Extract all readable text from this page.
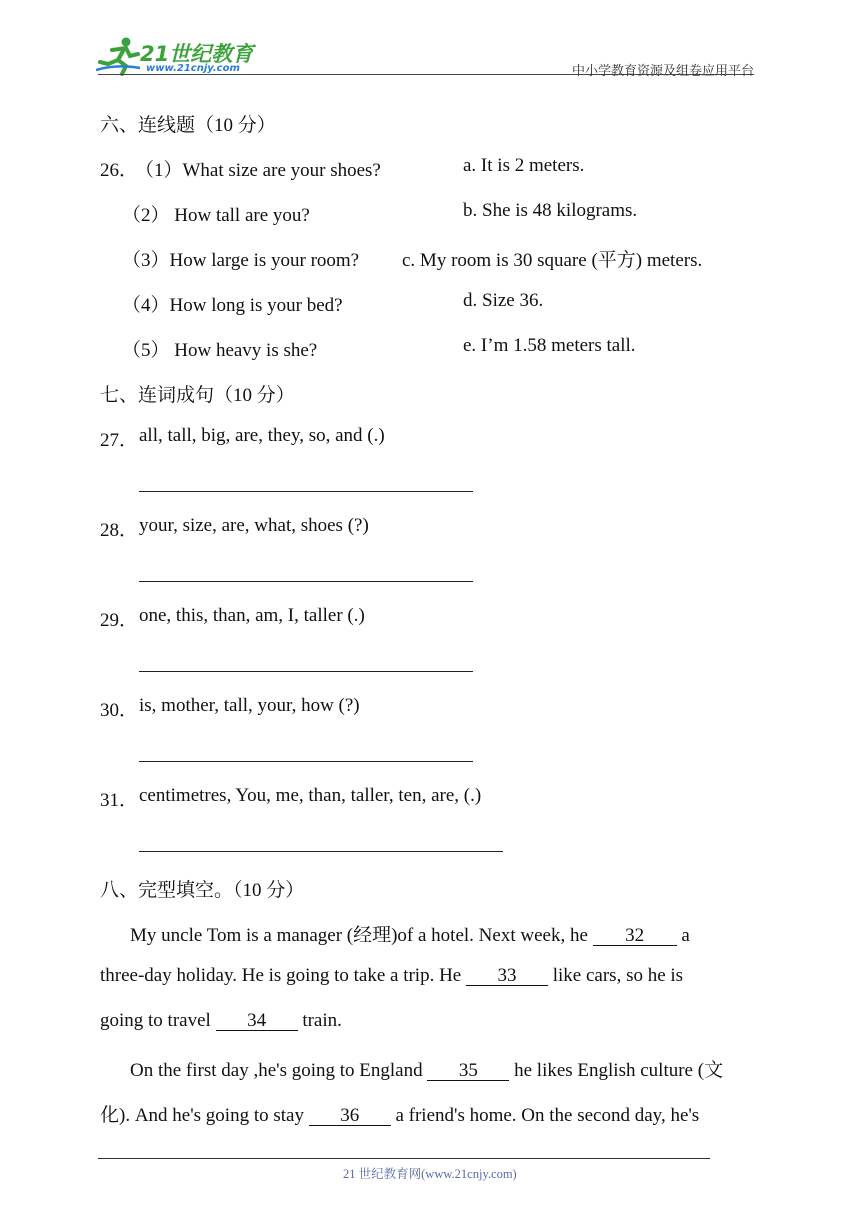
21世纪教育
www.21cnjy.com	中小学教育资源及组卷应用平台
六、连线题（10 分）
26．
（1）What size are your shoes?
（2） How tall are you?
（3）How large is your room?
（4）How long is your bed?
（5） How heavy is she?
a. It is 2 meters.
b. She is 48 kilograms.
c. My room is 30 square (平方) meters.
d. Size 36.
e. I’m 1.58 meters tall.
七、连词成句（10 分）
27． all, tall, big, are, they, so, and (.)
28． your, size, are, what, shoes (?)
29． one, this, than, am, I, taller (.)
30． is, mother, tall, your, how (?)
31． centimetres, You, me, than, taller, ten, are, (.)
八、完型填空。（10 分）
My uncle Tom is a manager (经理)of a hotel. Next week, he 32 a
three-day holiday. He is going to take a trip. He 33 like cars, so he is
going to travel 34 train.
On the first day ,he's going to England 35 he likes English culture (文
化). And he's going to stay 36 a friend's home. On the second day, he's
21 世纪教育网(www.21cnjy.com)
